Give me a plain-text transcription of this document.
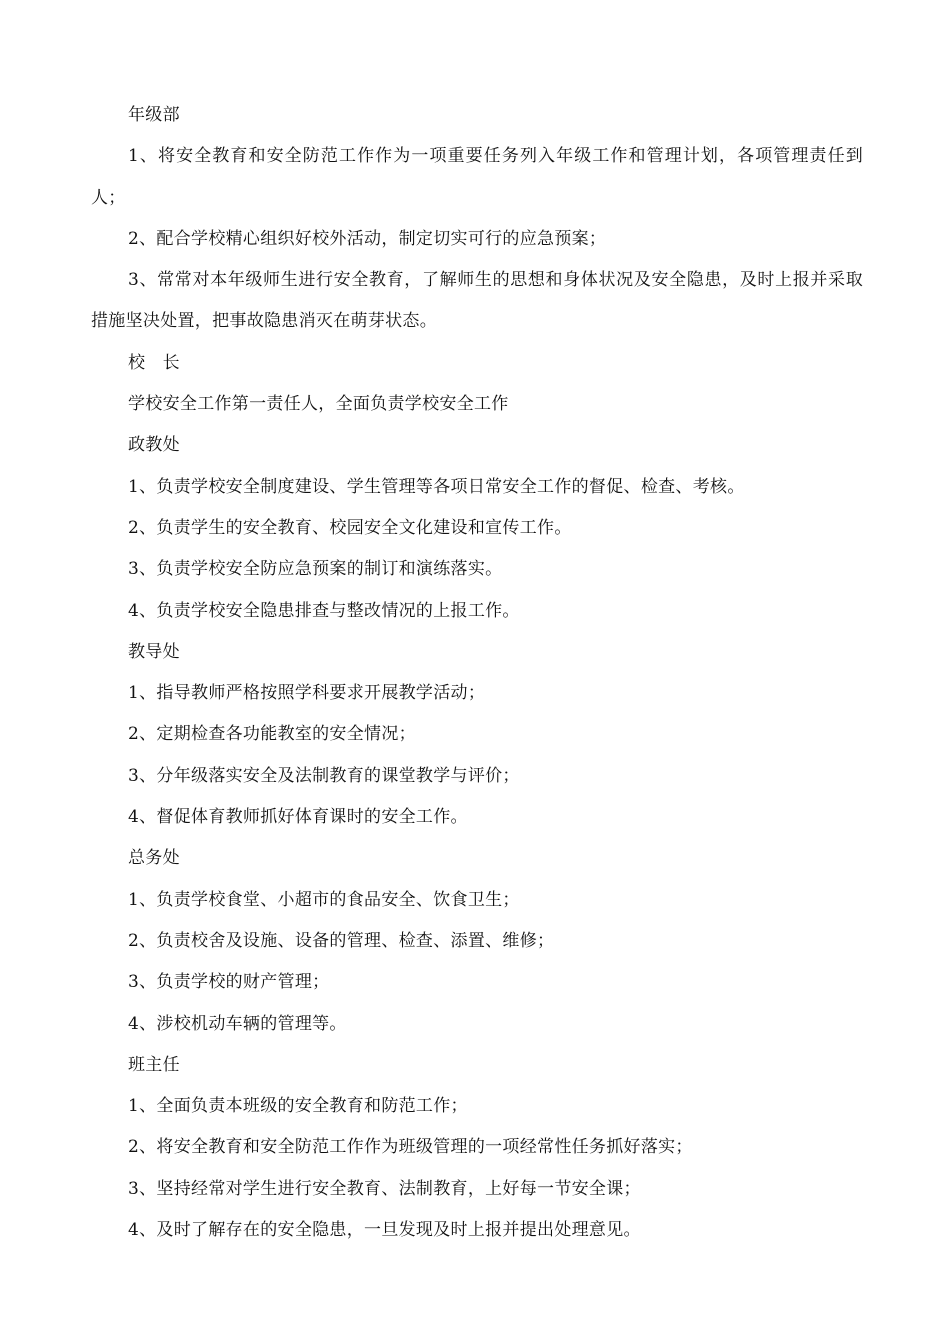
年级部

1、将安全教育和安全防范工作作为一项重要任务列入年级工作和管理计划，各项管理责任到人；

2、配合学校精心组织好校外活动，制定切实可行的应急预案；

3、常常对本年级师生进行安全教育，了解师生的思想和身体状况及安全隐患，及时上报并采取措施坚决处置，把事故隐患消灭在萌芽状态。

校　长

学校安全工作第一责任人，全面负责学校安全工作

政教处

1、负责学校安全制度建设、学生管理等各项日常安全工作的督促、检查、考核。

2、负责学生的安全教育、校园安全文化建设和宣传工作。

3、负责学校安全防应急预案的制订和演练落实。

4、负责学校安全隐患排查与整改情况的上报工作。

教导处

1、指导教师严格按照学科要求开展教学活动；

2、定期检查各功能教室的安全情况；

3、分年级落实安全及法制教育的课堂教学与评价；

4、督促体育教师抓好体育课时的安全工作。

总务处

1、负责学校食堂、小超市的食品安全、饮食卫生；

2、负责校舍及设施、设备的管理、检查、添置、维修；

3、负责学校的财产管理；

4、涉校机动车辆的管理等。

班主任

1、全面负责本班级的安全教育和防范工作；

2、将安全教育和安全防范工作作为班级管理的一项经常性任务抓好落实；

3、坚持经常对学生进行安全教育、法制教育，上好每一节安全课；

4、及时了解存在的安全隐患，一旦发现及时上报并提出处理意见。
